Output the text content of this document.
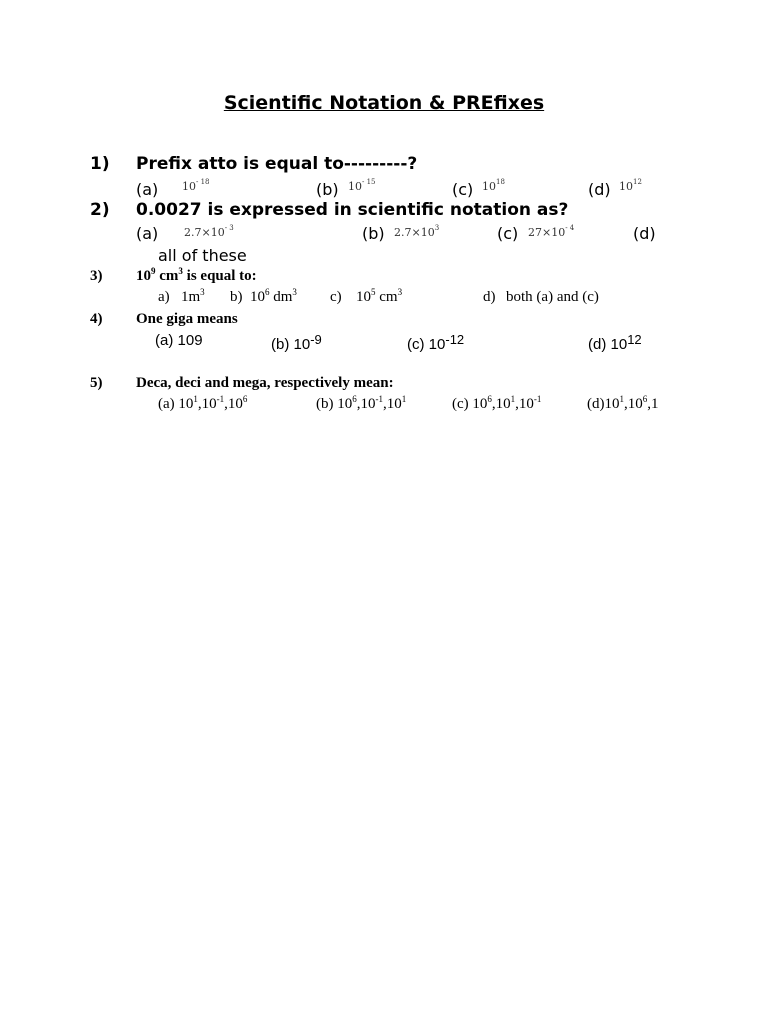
Scientific Notation & PREfixes
1) Prefix atto is equal to---------?
(a) $10^{- 18}$	(b) $10^{- 15}$	(c) $10^{18}$	(d) $10^{12}$
2) 0.0027 is expressed in scientific notation as?
(a) $2.7\times 10^{- 3}$	(b) $2.7\times 10^3$	(c) $27\times 10^{- 4}$	(d)
all of these
3) $10^9$ $cm^3$ is equal to:
a) $1m^3$ b) $10^6$ $dm^3$ c) $10^5$ $cm^3$	d) both (a) and (c)
4) One giga means
(a) 109	(b) $10^{-9}$	(c) $10^{-12}$	(d) $10^{12}$
5) Deca, deci and mega, respectively mean:
(a) $10^1,10^{-1},10^6$	(b) $10^6,10^{-1},10^1$	(c) $10^6,10^1,10^{-1}$	$(d)10^1,10^6,1$
